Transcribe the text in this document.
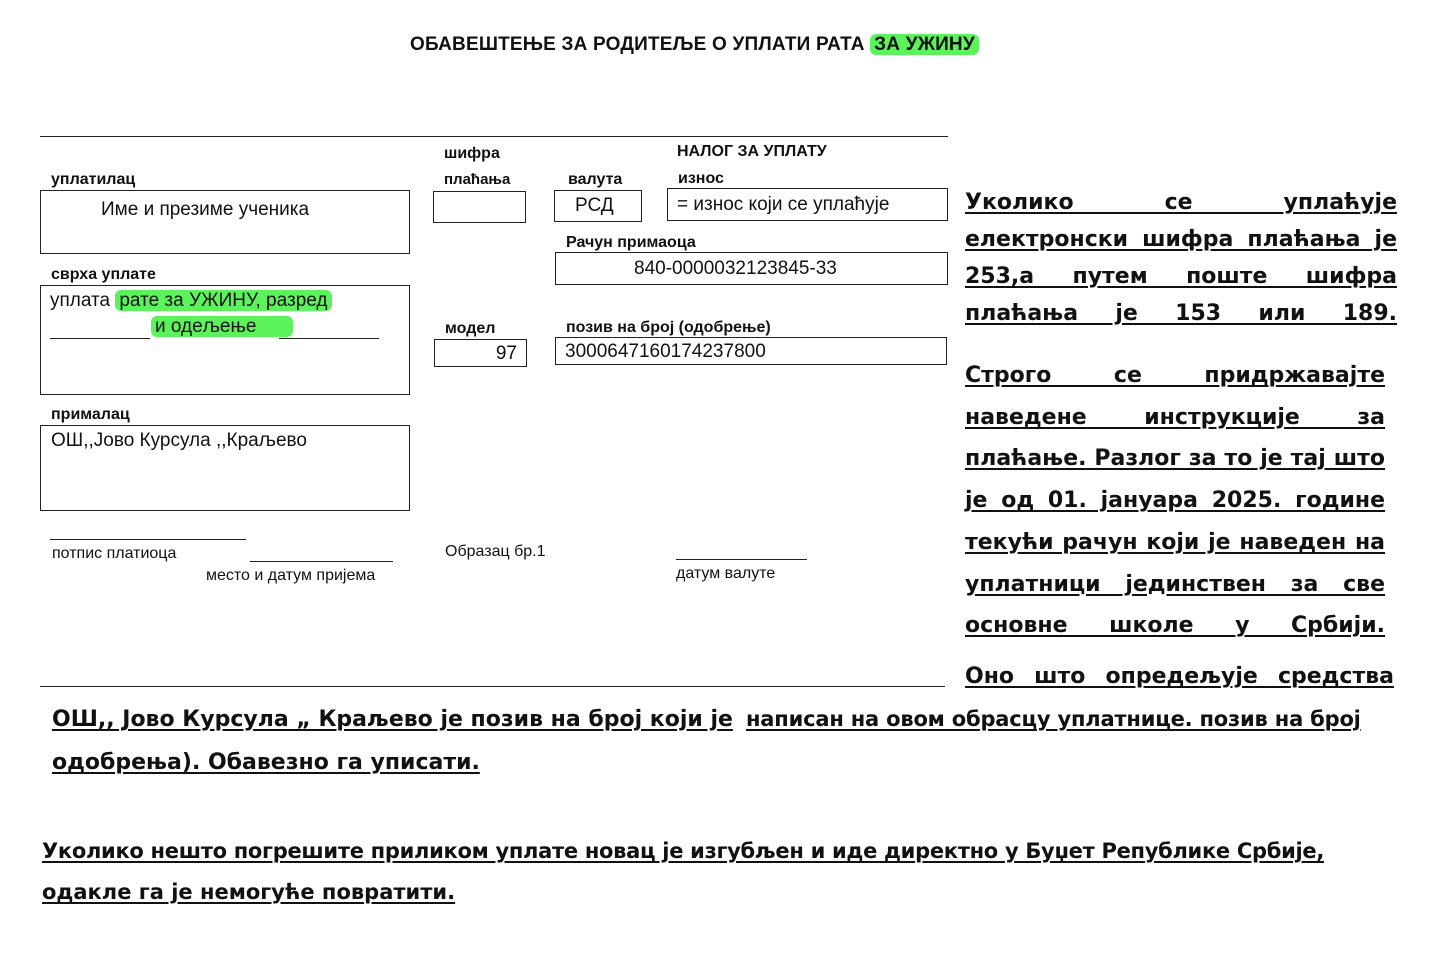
ОБАВЕШТЕЊЕ ЗА РОДИТЕЉЕ О УПЛАТИ РАТА ЗА УЖИНУ
уплатилац
Име и презиме ученика
сврха уплате
уплата рате за УЖИНУ, разред
и одељење
прималац
ОШ,,Јово Курсула ,,Краљево
шифра
плаћања	валута
РСД
НАЛОГ ЗА УПЛАТУ
износ
= износ који се уплаћује
Рачун примаоца
840-0000032123845-33
модел
97
позив на број (одобрење)
3000647160174237800
потпис платиоца
место и датум пријема
Образац бр.1
датум валуте
Уколико се уплаћује електронски шифра плаћања је 253,а путем поште шифра плаћања је 153 или 189.
Строго се придржавајте наведене инструкције за плаћање. Разлог за то је тај што је од 01. јануара 2025. године текући рачун који је наведен на уплатници јединствен за све основне школе у Србији.
Оно што опредељује средства
ОШ,, Јово Курсула „ Краљево је позив на број који је написан на овом обрасцу уплатнице. позив на број
одобрења). Обавезно га уписати.
Уколико нешто погрешите приликом уплате новац је изгубљен и иде директно у Буџет Републике Србије,
одакле га је немогуће повратити.
